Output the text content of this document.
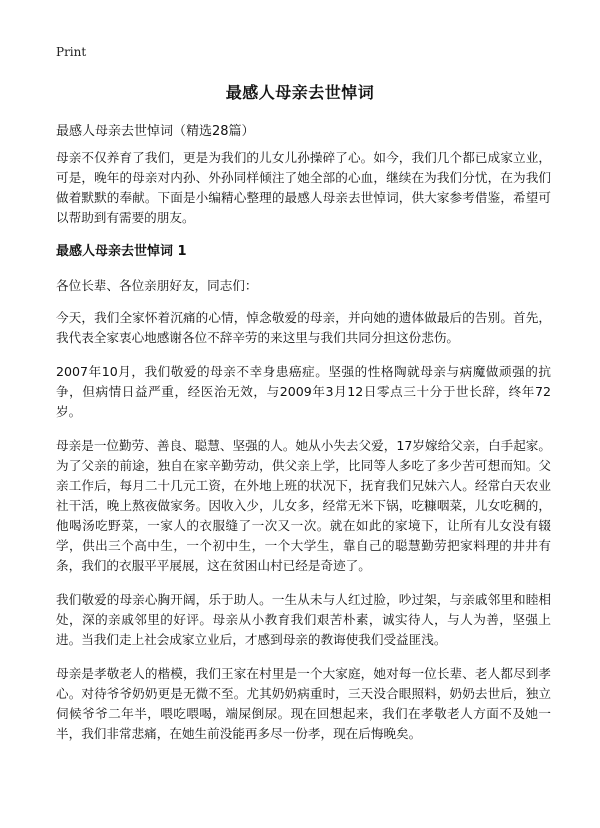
Print
最感人母亲去世悼词

最感人母亲去世悼词（精选28篇）

母亲不仅养育了我们，更是为我们的儿女儿孙操碎了心。如今，我们几个都已成家立业，可是，晚年的母亲对内孙、外孙同样倾注了她全部的心血，继续在为我们分忧，在为我们做着默默的奉献。下面是小编精心整理的最感人母亲去世悼词，供大家参考借鉴，希望可以帮助到有需要的朋友。

最感人母亲去世悼词 1

各位长辈、各位亲朋好友，同志们：

今天，我们全家怀着沉痛的心情，悼念敬爱的母亲，并向她的遗体做最后的告别。首先，我代表全家衷心地感谢各位不辞辛劳的来这里与我们共同分担这份悲伤。

2007年10月，我们敬爱的母亲不幸身患癌症。坚强的性格陶就母亲与病魔做顽强的抗争，但病情日益严重，经医治无效，与2009年3月12日零点三十分于世长辞，终年72岁。

母亲是一位勤劳、善良、聪慧、坚强的人。她从小失去父爱，17岁嫁给父亲，白手起家。为了父亲的前途，独自在家辛勤劳动，供父亲上学，比同等人多吃了多少苦可想而知。父亲工作后，每月二十几元工资，在外地上班的状况下，抚育我们兄妹六人。经常白天农业社干活，晚上熬夜做家务。因收入少，儿女多，经常无米下锅，吃糠咽菜，儿女吃稠的，他喝汤吃野菜，一家人的衣服缝了一次又一次。就在如此的家境下，让所有儿女没有辍学，供出三个高中生，一个初中生，一个大学生，靠自己的聪慧勤劳把家料理的井井有条，我们的衣服平平展展，这在贫困山村已经是奇迹了。

我们敬爱的母亲心胸开阔，乐于助人。一生从未与人红过脸，吵过架，与亲戚邻里和睦相处，深的亲戚邻里的好评。母亲从小教育我们艰苦朴素，诚实待人，与人为善，坚强上进。当我们走上社会成家立业后，才感到母亲的教诲使我们受益匪浅。

母亲是孝敬老人的楷模，我们王家在村里是一个大家庭，她对每一位长辈、老人都尽到孝心。对待爷爷奶奶更是无微不至。尤其奶奶病重时，三天没合眼照料，奶奶去世后，独立伺候爷爷二年半，喂吃喂喝，端屎倒尿。现在回想起来，我们在孝敬老人方面不及她一半，我们非常悲痛，在她生前没能再多尽一份孝，现在后悔晚矣。
